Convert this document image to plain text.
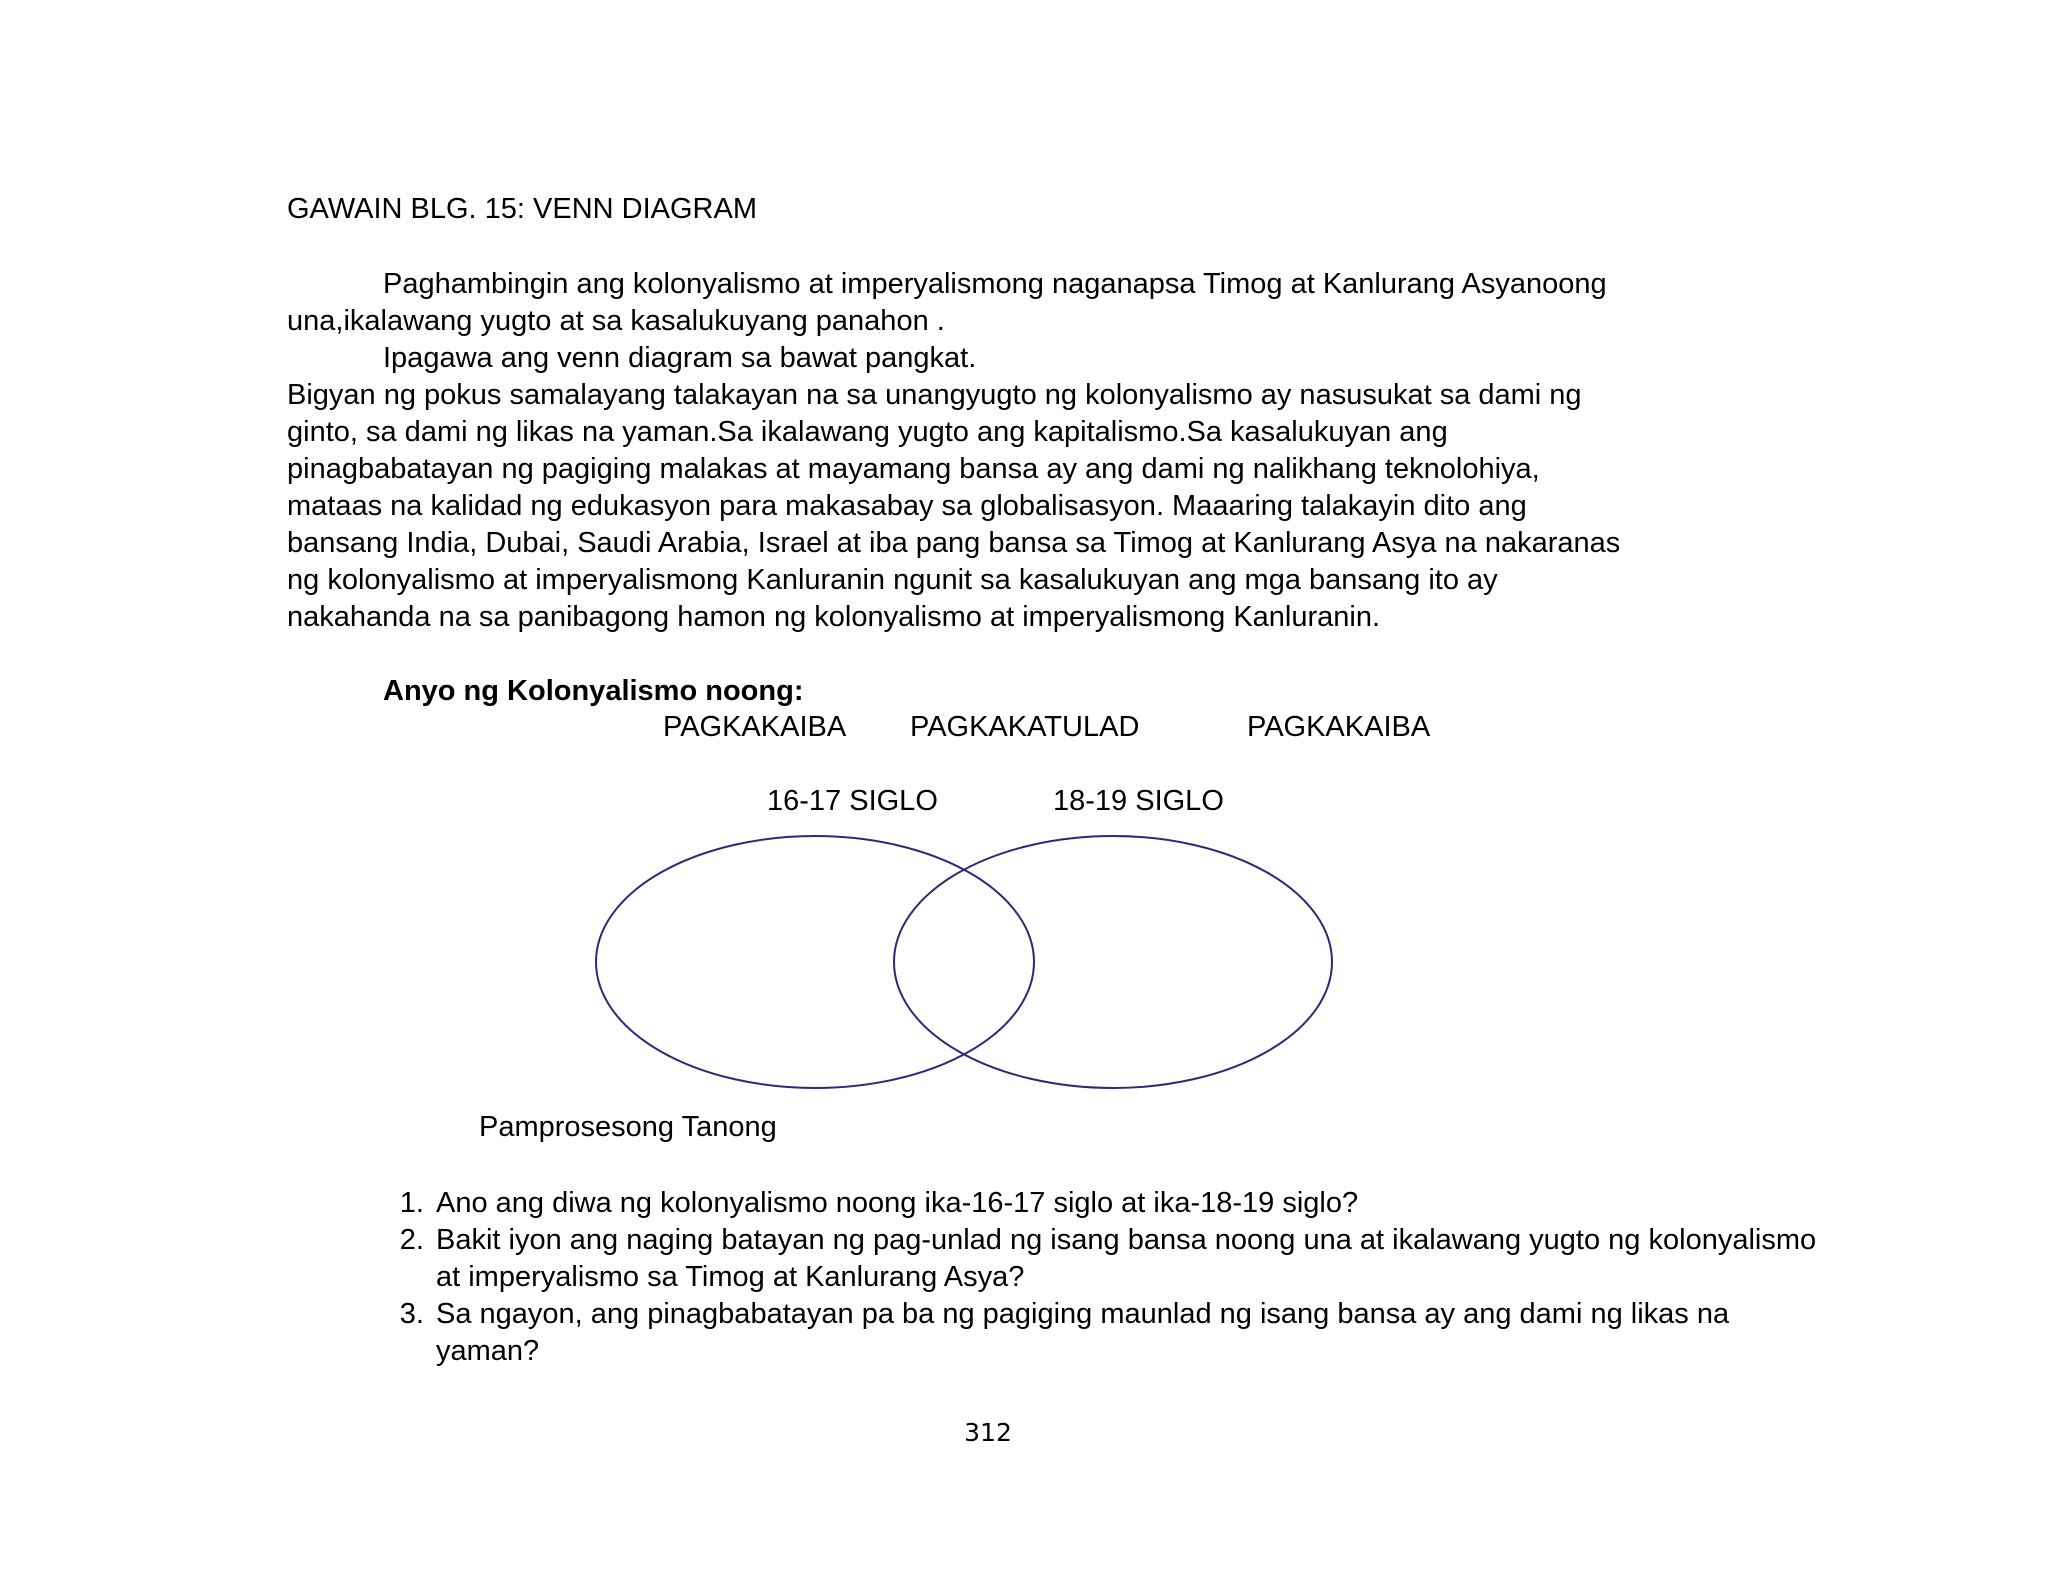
GAWAIN BLG. 15: VENN DIAGRAM
Paghambingin ang kolonyalismo at imperyalismong naganapsa Timog at Kanlurang Asyanoong
una,ikalawang yugto at sa kasalukuyang panahon .
Ipagawa ang venn diagram sa bawat pangkat.
Bigyan ng pokus samalayang talakayan na sa unangyugto ng kolonyalismo ay nasusukat sa dami ng
ginto, sa dami ng likas na yaman.Sa ikalawang yugto ang kapitalismo.Sa kasalukuyan ang
pinagbabatayan ng pagiging malakas at mayamang bansa ay ang dami ng nalikhang teknolohiya,
mataas na kalidad ng edukasyon para makasabay sa globalisasyon. Maaaring talakayin dito ang
bansang India, Dubai, Saudi Arabia, Israel at iba pang bansa sa Timog at Kanlurang Asya na nakaranas
ng kolonyalismo at imperyalismong Kanluranin ngunit sa kasalukuyan ang mga bansang ito ay
nakahanda na sa panibagong hamon ng kolonyalismo at imperyalismong Kanluranin.
Anyo ng Kolonyalismo noong:
PAGKAKAIBA PAGKAKATULAD	PAGKAKAIBA
16-17 SIGLO	18-19 SIGLO
Pamprosesong Tanong
1. Ano ang diwa ng kolonyalismo noong ika-16-17 siglo at ika-18-19 siglo?
2. Bakit iyon ang naging batayan ng pag-unlad ng isang bansa noong una at ikalawang yugto ng kolonyalismo at imperyalismo sa Timog at Kanlurang Asya?
3. Sa ngayon, ang pinagbabatayan pa ba ng pagiging maunlad ng isang bansa ay ang dami ng likas na yaman?
312
